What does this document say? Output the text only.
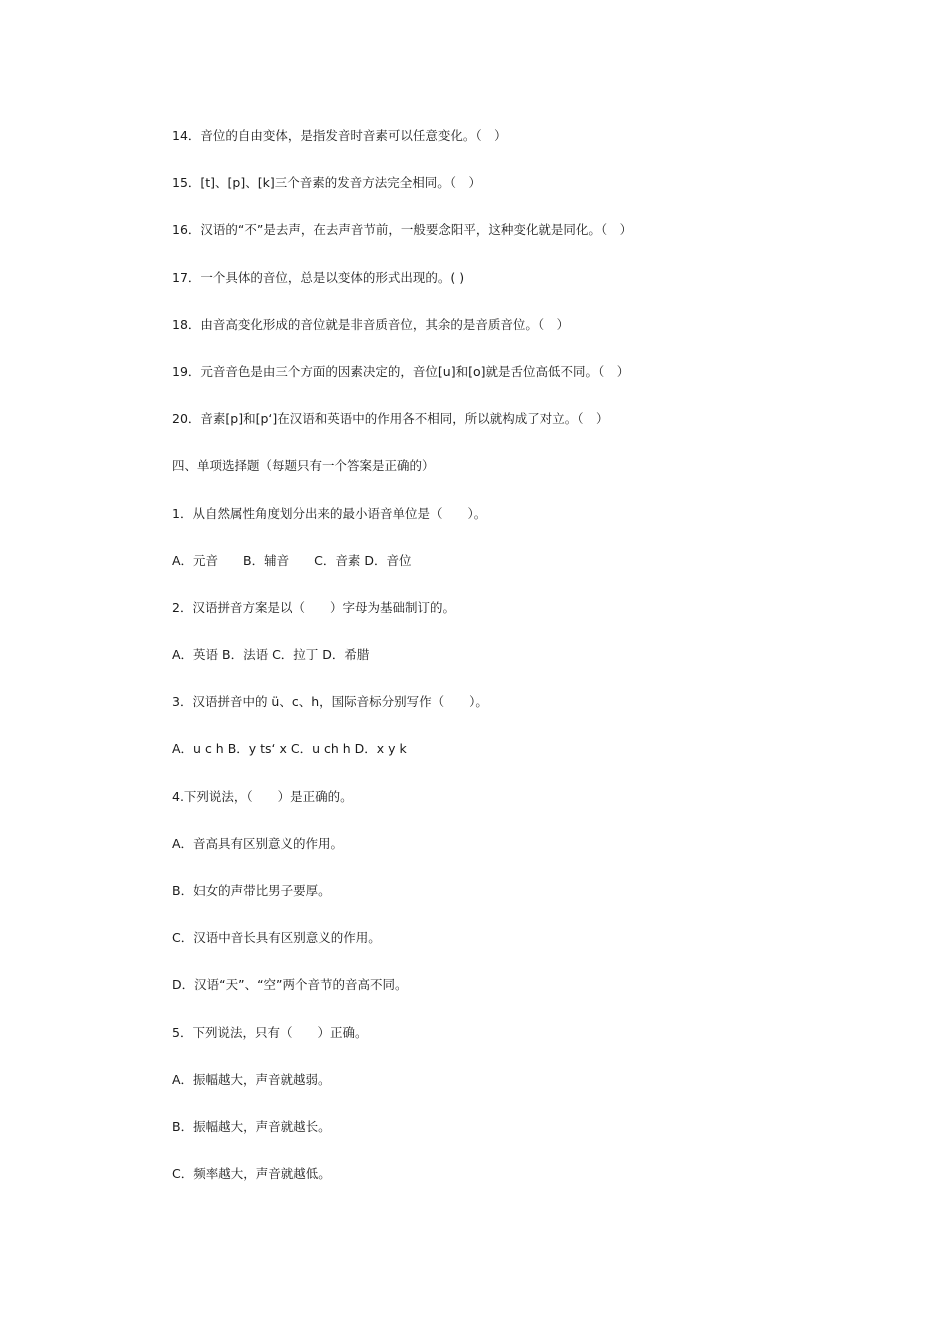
14．音位的自由变体，是指发音时音素可以任意变化。（　）
15．[t]、[p]、[k]三个音素的发音方法完全相同。（　）
16．汉语的“不”是去声，在去声音节前，一般要念阳平，这种变化就是同化。（　）
17．一个具体的音位，总是以变体的形式出现的。( )
18．由音高变化形成的音位就是非音质音位，其余的是音质音位。（　）
19．元音音色是由三个方面的因素决定的，音位[u]和[o]就是舌位高低不同。（　）
20．音素[p]和[p‘]在汉语和英语中的作用各不相同，所以就构成了对立。（　）
四、单项选择题（每题只有一个答案是正确的）
1．从自然属性角度划分出来的最小语音单位是（　　）。
A．元音　　B．辅音　　C．音素 D．音位
2．汉语拼音方案是以（　　）字母为基础制订的。
A．英语 B．法语 C．拉丁 D．希腊
3．汉语拼音中的 ü、c、h，国际音标分别写作（　　）。
A．u c h B．y ts‘ x C．u ch h D．x y k
4.下列说法，（　　）是正确的。
A．音高具有区别意义的作用。
B．妇女的声带比男子要厚。
C．汉语中音长具有区别意义的作用。
D．汉语“天”、“空”两个音节的音高不同。
5．下列说法，只有（　　）正确。
A．振幅越大，声音就越弱。
B．振幅越大，声音就越长。
C．频率越大，声音就越低。
